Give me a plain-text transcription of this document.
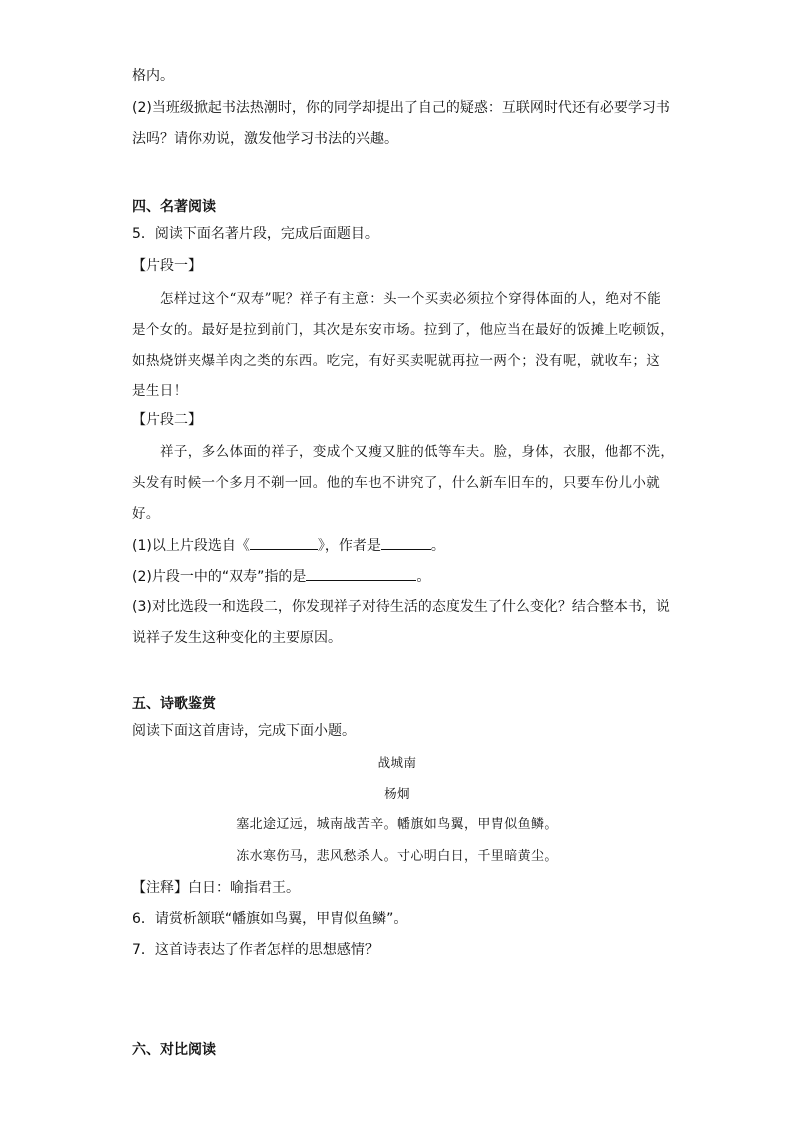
格内。
(2)当班级掀起书法热潮时，你的同学却提出了自己的疑惑：互联网时代还有必要学习书
法吗？请你劝说，激发他学习书法的兴趣。
四、名著阅读
5．阅读下面名著片段，完成后面题目。
【片段一】
怎样过这个“双寿”呢？祥子有主意：头一个买卖必须拉个穿得体面的人，绝对不能
是个女的。最好是拉到前门，其次是东安市场。拉到了，他应当在最好的饭摊上吃顿饭，
如热烧饼夹爆羊肉之类的东西。吃完，有好买卖呢就再拉一两个；没有呢，就收车；这
是生日！
【片段二】
祥子，多么体面的祥子，变成个又瘦又脏的低等车夫。脸，身体，衣服，他都不洗，
头发有时候一个多月不剃一回。他的车也不讲究了，什么新车旧车的，只要车份儿小就
好。
(1)以上片段选自《	》，作者是	。
(2)片段一中的“双寿”指的是	。
(3)对比选段一和选段二，你发现祥子对待生活的态度发生了什么变化？结合整本书，说
说祥子发生这种变化的主要原因。
五、诗歌鉴赏
阅读下面这首唐诗，完成下面小题。
战城南
杨炯
塞北途辽远，城南战苦辛。幡旗如鸟翼，甲胄似鱼鳞。
冻水寒伤马，悲风愁杀人。寸心明白日，千里暗黄尘。
【注释】白日：喻指君王。
6．请赏析颔联“幡旗如鸟翼，甲胄似鱼鳞”。
7．这首诗表达了作者怎样的思想感情？
六、对比阅读
